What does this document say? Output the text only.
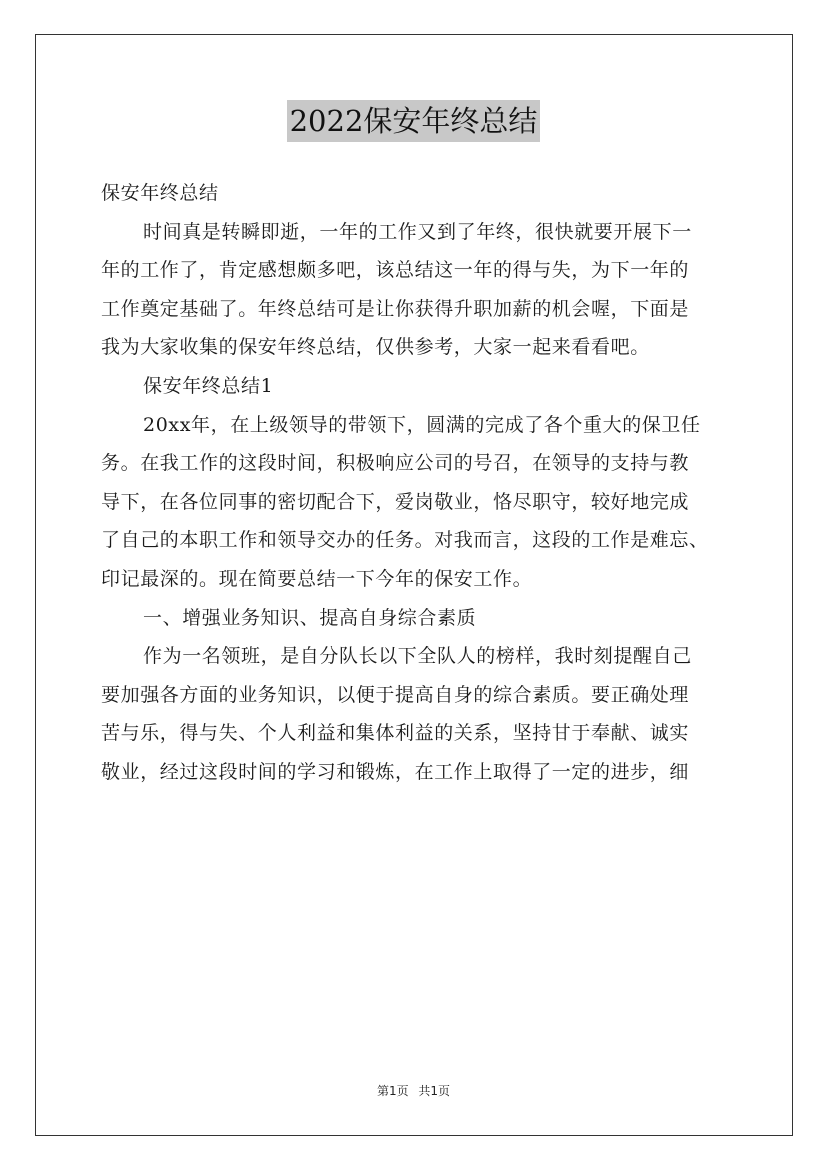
2022保安年终总结
保安年终总结
时间真是转瞬即逝，一年的工作又到了年终，很快就要开展下一
年的工作了，肯定感想颇多吧，该总结这一年的得与失，为下一年的
工作奠定基础了。年终总结可是让你获得升职加薪的机会喔，下面是
我为大家收集的保安年终总结，仅供参考，大家一起来看看吧。
保安年终总结1
20xx年，在上级领导的带领下，圆满的完成了各个重大的保卫任
务。在我工作的这段时间，积极响应公司的号召，在领导的支持与教
导下，在各位同事的密切配合下，爱岗敬业，恪尽职守，较好地完成
了自己的本职工作和领导交办的任务。对我而言，这段的工作是难忘、
印记最深的。现在简要总结一下今年的保安工作。
一、增强业务知识、提高自身综合素质
作为一名领班，是自分队长以下全队人的榜样，我时刻提醒自己
要加强各方面的业务知识，以便于提高自身的综合素质。要正确处理
苦与乐，得与失、个人利益和集体利益的关系，坚持甘于奉献、诚实
敬业，经过这段时间的学习和锻炼，在工作上取得了一定的进步，细
第1页 共1页
